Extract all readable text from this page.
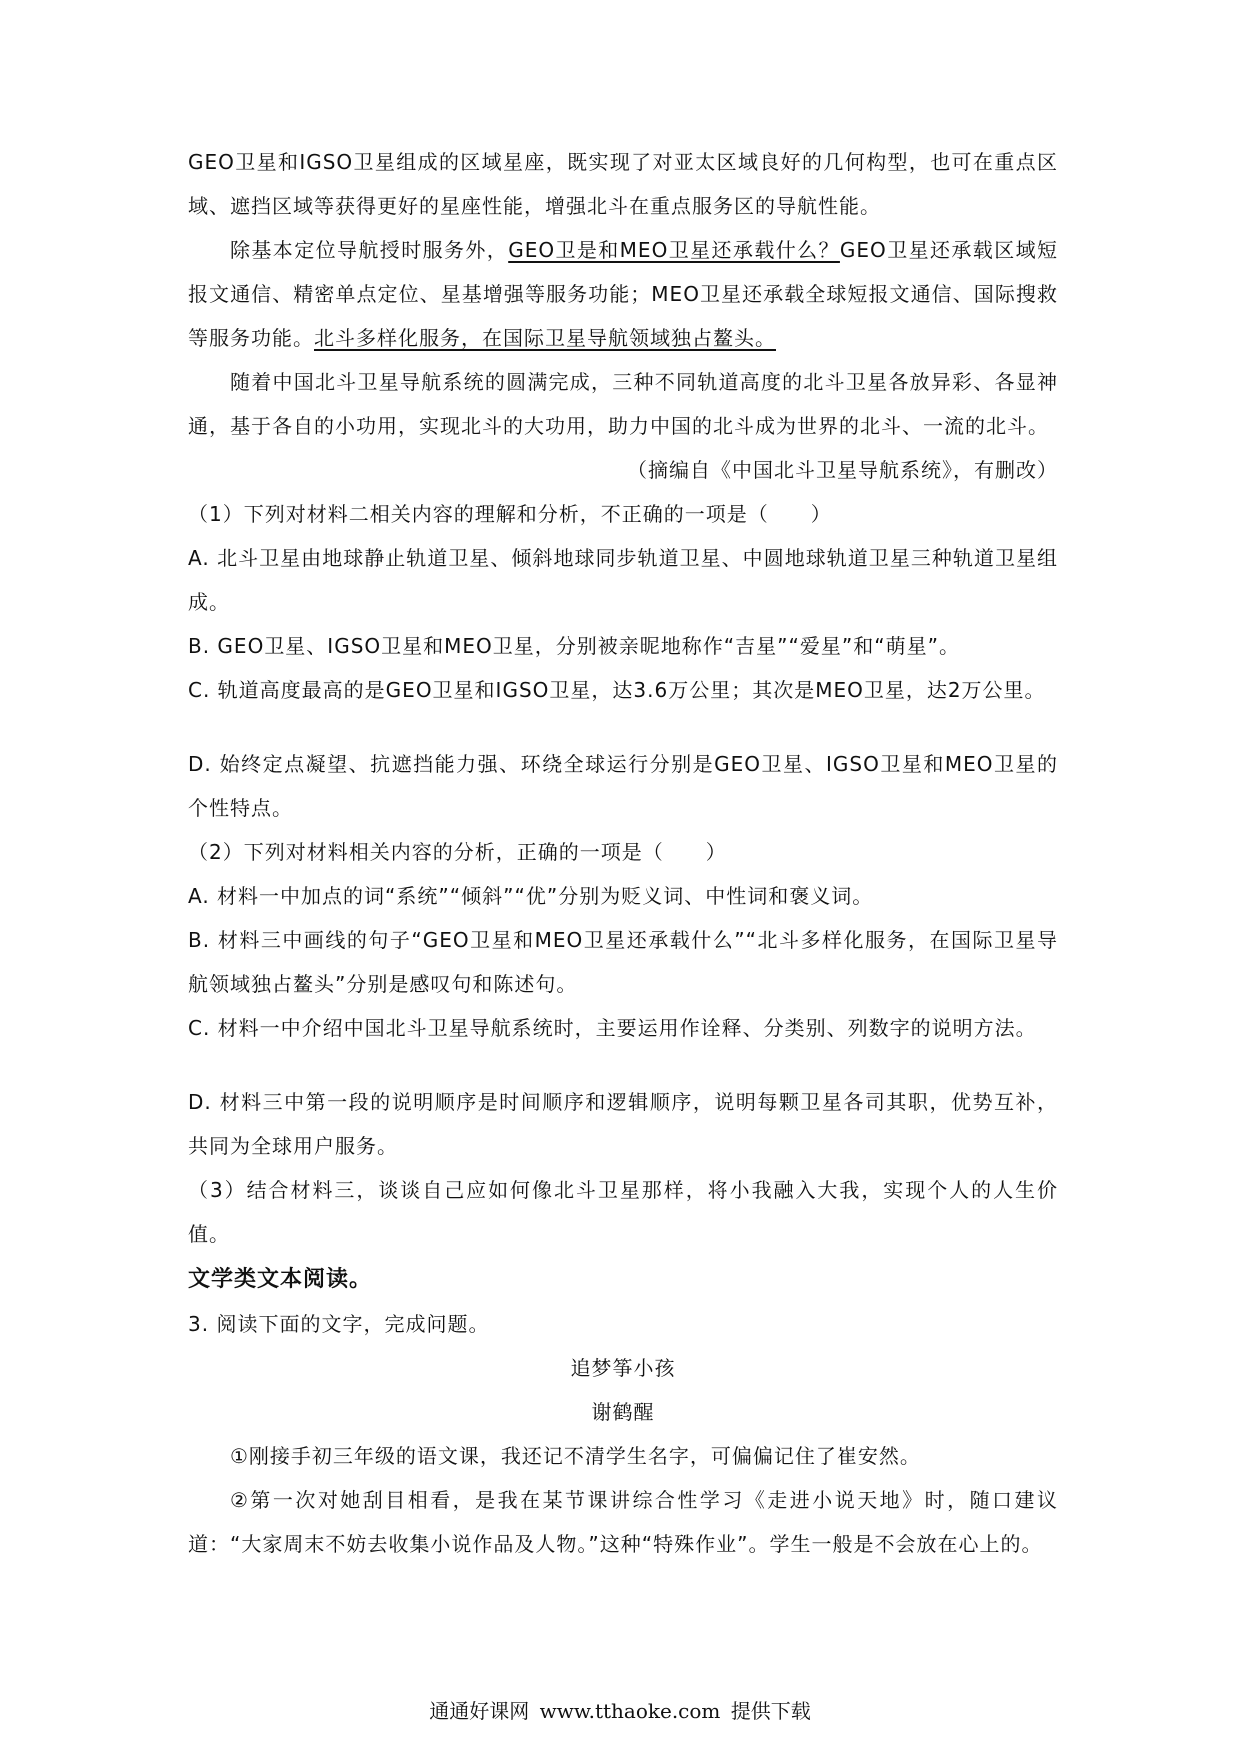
GEO卫星和IGSO卫星组成的区域星座，既实现了对亚太区域良好的几何构型，也可在重点区域、遮挡区域等获得更好的星座性能，增强北斗在重点服务区的导航性能。

除基本定位导航授时服务外，GEO卫是和MEO卫星还承载什么？GEO卫星还承载区域短报文通信、精密单点定位、星基增强等服务功能；MEO卫星还承载全球短报文通信、国际搜救等服务功能。北斗多样化服务，在国际卫星导航领域独占鳌头。

随着中国北斗卫星导航系统的圆满完成，三种不同轨道高度的北斗卫星各放异彩、各显神通，基于各自的小功用，实现北斗的大功用，助力中国的北斗成为世界的北斗、一流的北斗。

（摘编自《中国北斗卫星导航系统》，有删改）

（1）下列对材料二相关内容的理解和分析，不正确的一项是（　　）

A. 北斗卫星由地球静止轨道卫星、倾斜地球同步轨道卫星、中圆地球轨道卫星三种轨道卫星组成。

B. GEO卫星、IGSO卫星和MEO卫星，分别被亲昵地称作“吉星”“爱星”和“萌星”。

C. 轨道高度最高的是GEO卫星和IGSO卫星，达3.6万公里；其次是MEO卫星，达2万公里。

D. 始终定点凝望、抗遮挡能力强、环绕全球运行分别是GEO卫星、IGSO卫星和MEO卫星的个性特点。

（2）下列对材料相关内容的分析，正确的一项是（　　）

A. 材料一中加点的词“系统”“倾斜”“优”分别为贬义词、中性词和褒义词。

B. 材料三中画线的句子“GEO卫星和MEO卫星还承载什么”“北斗多样化服务，在国际卫星导航领域独占鳌头”分别是感叹句和陈述句。

C. 材料一中介绍中国北斗卫星导航系统时，主要运用作诠释、分类别、列数字的说明方法。

D. 材料三中第一段的说明顺序是时间顺序和逻辑顺序，说明每颗卫星各司其职，优势互补，共同为全球用户服务。

（3）结合材料三，谈谈自己应如何像北斗卫星那样，将小我融入大我，实现个人的人生价值。

文学类文本阅读。

3. 阅读下面的文字，完成问题。

追梦筝小孩

谢鹤醒

①刚接手初三年级的语文课，我还记不清学生名字，可偏偏记住了崔安然。

②第一次对她刮目相看，是我在某节课讲综合性学习《走进小说天地》时，随口建议道：“大家周末不妨去收集小说作品及人物。”这种“特殊作业”。学生一般是不会放在心上的。

通通好课网 www.tthaoke.com 提供下载
